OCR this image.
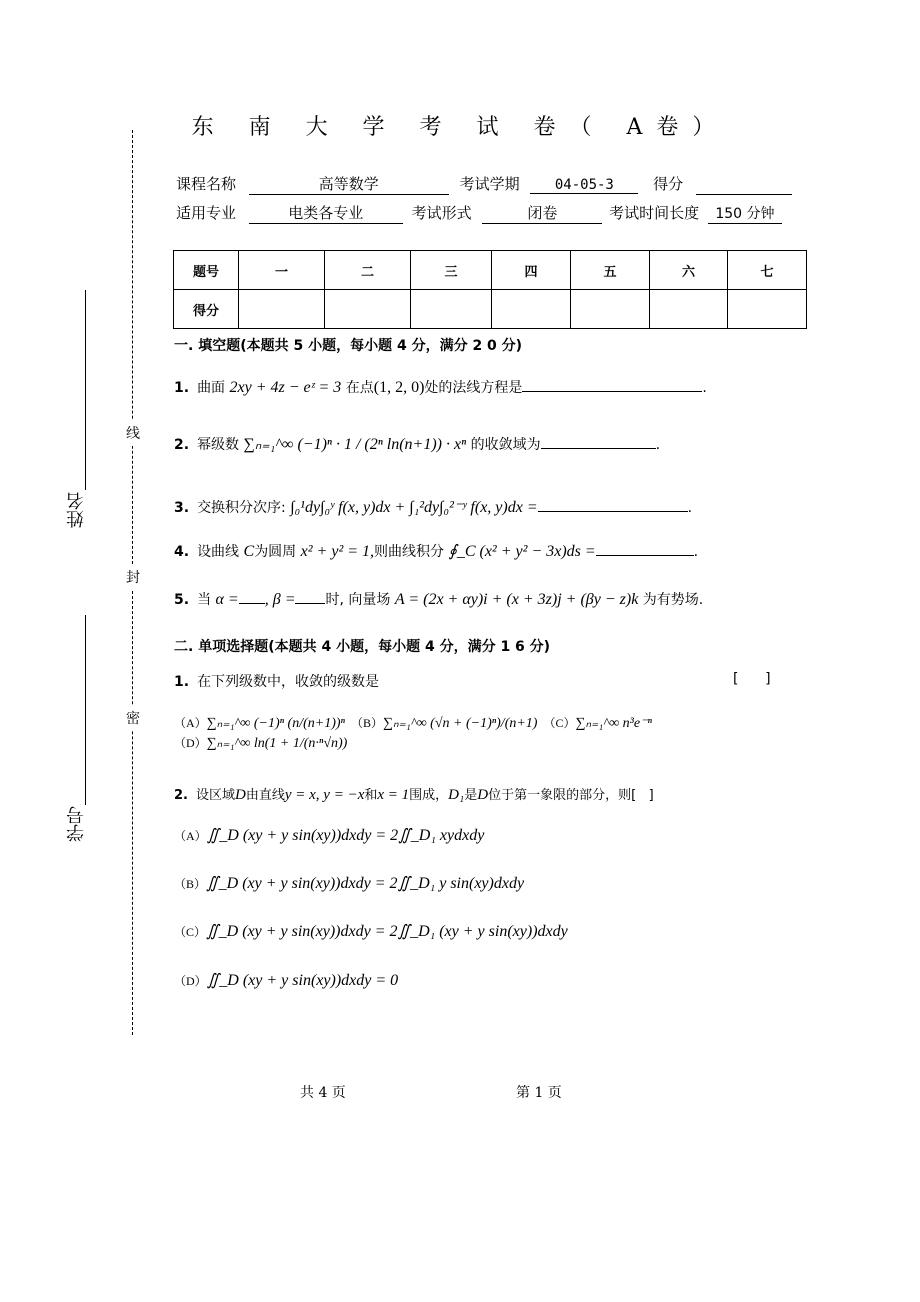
东 南 大 学 考 试 卷（ A卷）
线
封
密
姓名
学号
课程名称	高等数学	考试学期	04-05-3	得分
适用专业	电类各专业	考试形式	闭卷	考试时间长度 150 分钟
题号	一	二	三	四	五	六	七
得分							
一. 填空题(本题共 5 小题，每小题 4 分，满分 2 0 分)
1. 曲面 2xy + 4z − eᶻ = 3 在点(1, 2, 0)处的法线方程是	.
2. 幂级数 ∑ₙ₌₁^∞ (−1)ⁿ · 1 / (2ⁿ ln(n+1)) · xⁿ 的收敛域为	.
3. 交换积分次序: ∫₀¹dy∫₀ʸ f(x, y)dx + ∫₁²dy∫₀²⁻ʸ f(x, y)dx =	.
4. 设曲线 C为圆周 x² + y² = 1,则曲线积分 ∮_C (x² + y² − 3x)ds =	.
5. 当 α = , β = 时, 向量场 A = (2x + αy)i + (x + 3z)j + (βy − z)k 为有势场.
二. 单项选择题(本题共 4 小题，每小题 4 分，满分 1 6 分)
1. 在下列级数中，收敛的级数是	[      ]
（A）∑ₙ₌₁^∞ (−1)ⁿ (n/(n+1))ⁿ （B）∑ₙ₌₁^∞ (√n + (−1)ⁿ)/(n+1) （C）∑ₙ₌₁^∞ n³e⁻ⁿ
（D）∑ₙ₌₁^∞ ln(1 + 1/(n·ⁿ√n))
2. 设区域D由直线y = x, y = −x和x = 1围成，D₁是D位于第一象限的部分，则[   ]
（A）∬_D (xy + y sin(xy))dxdy = 2∬_D₁ xydxdy
（B）∬_D (xy + y sin(xy))dxdy = 2∬_D₁ y sin(xy)dxdy
（C）∬_D (xy + y sin(xy))dxdy = 2∬_D₁ (xy + y sin(xy))dxdy
（D）∬_D (xy + y sin(xy))dxdy = 0
共 4 页	第 1 页
